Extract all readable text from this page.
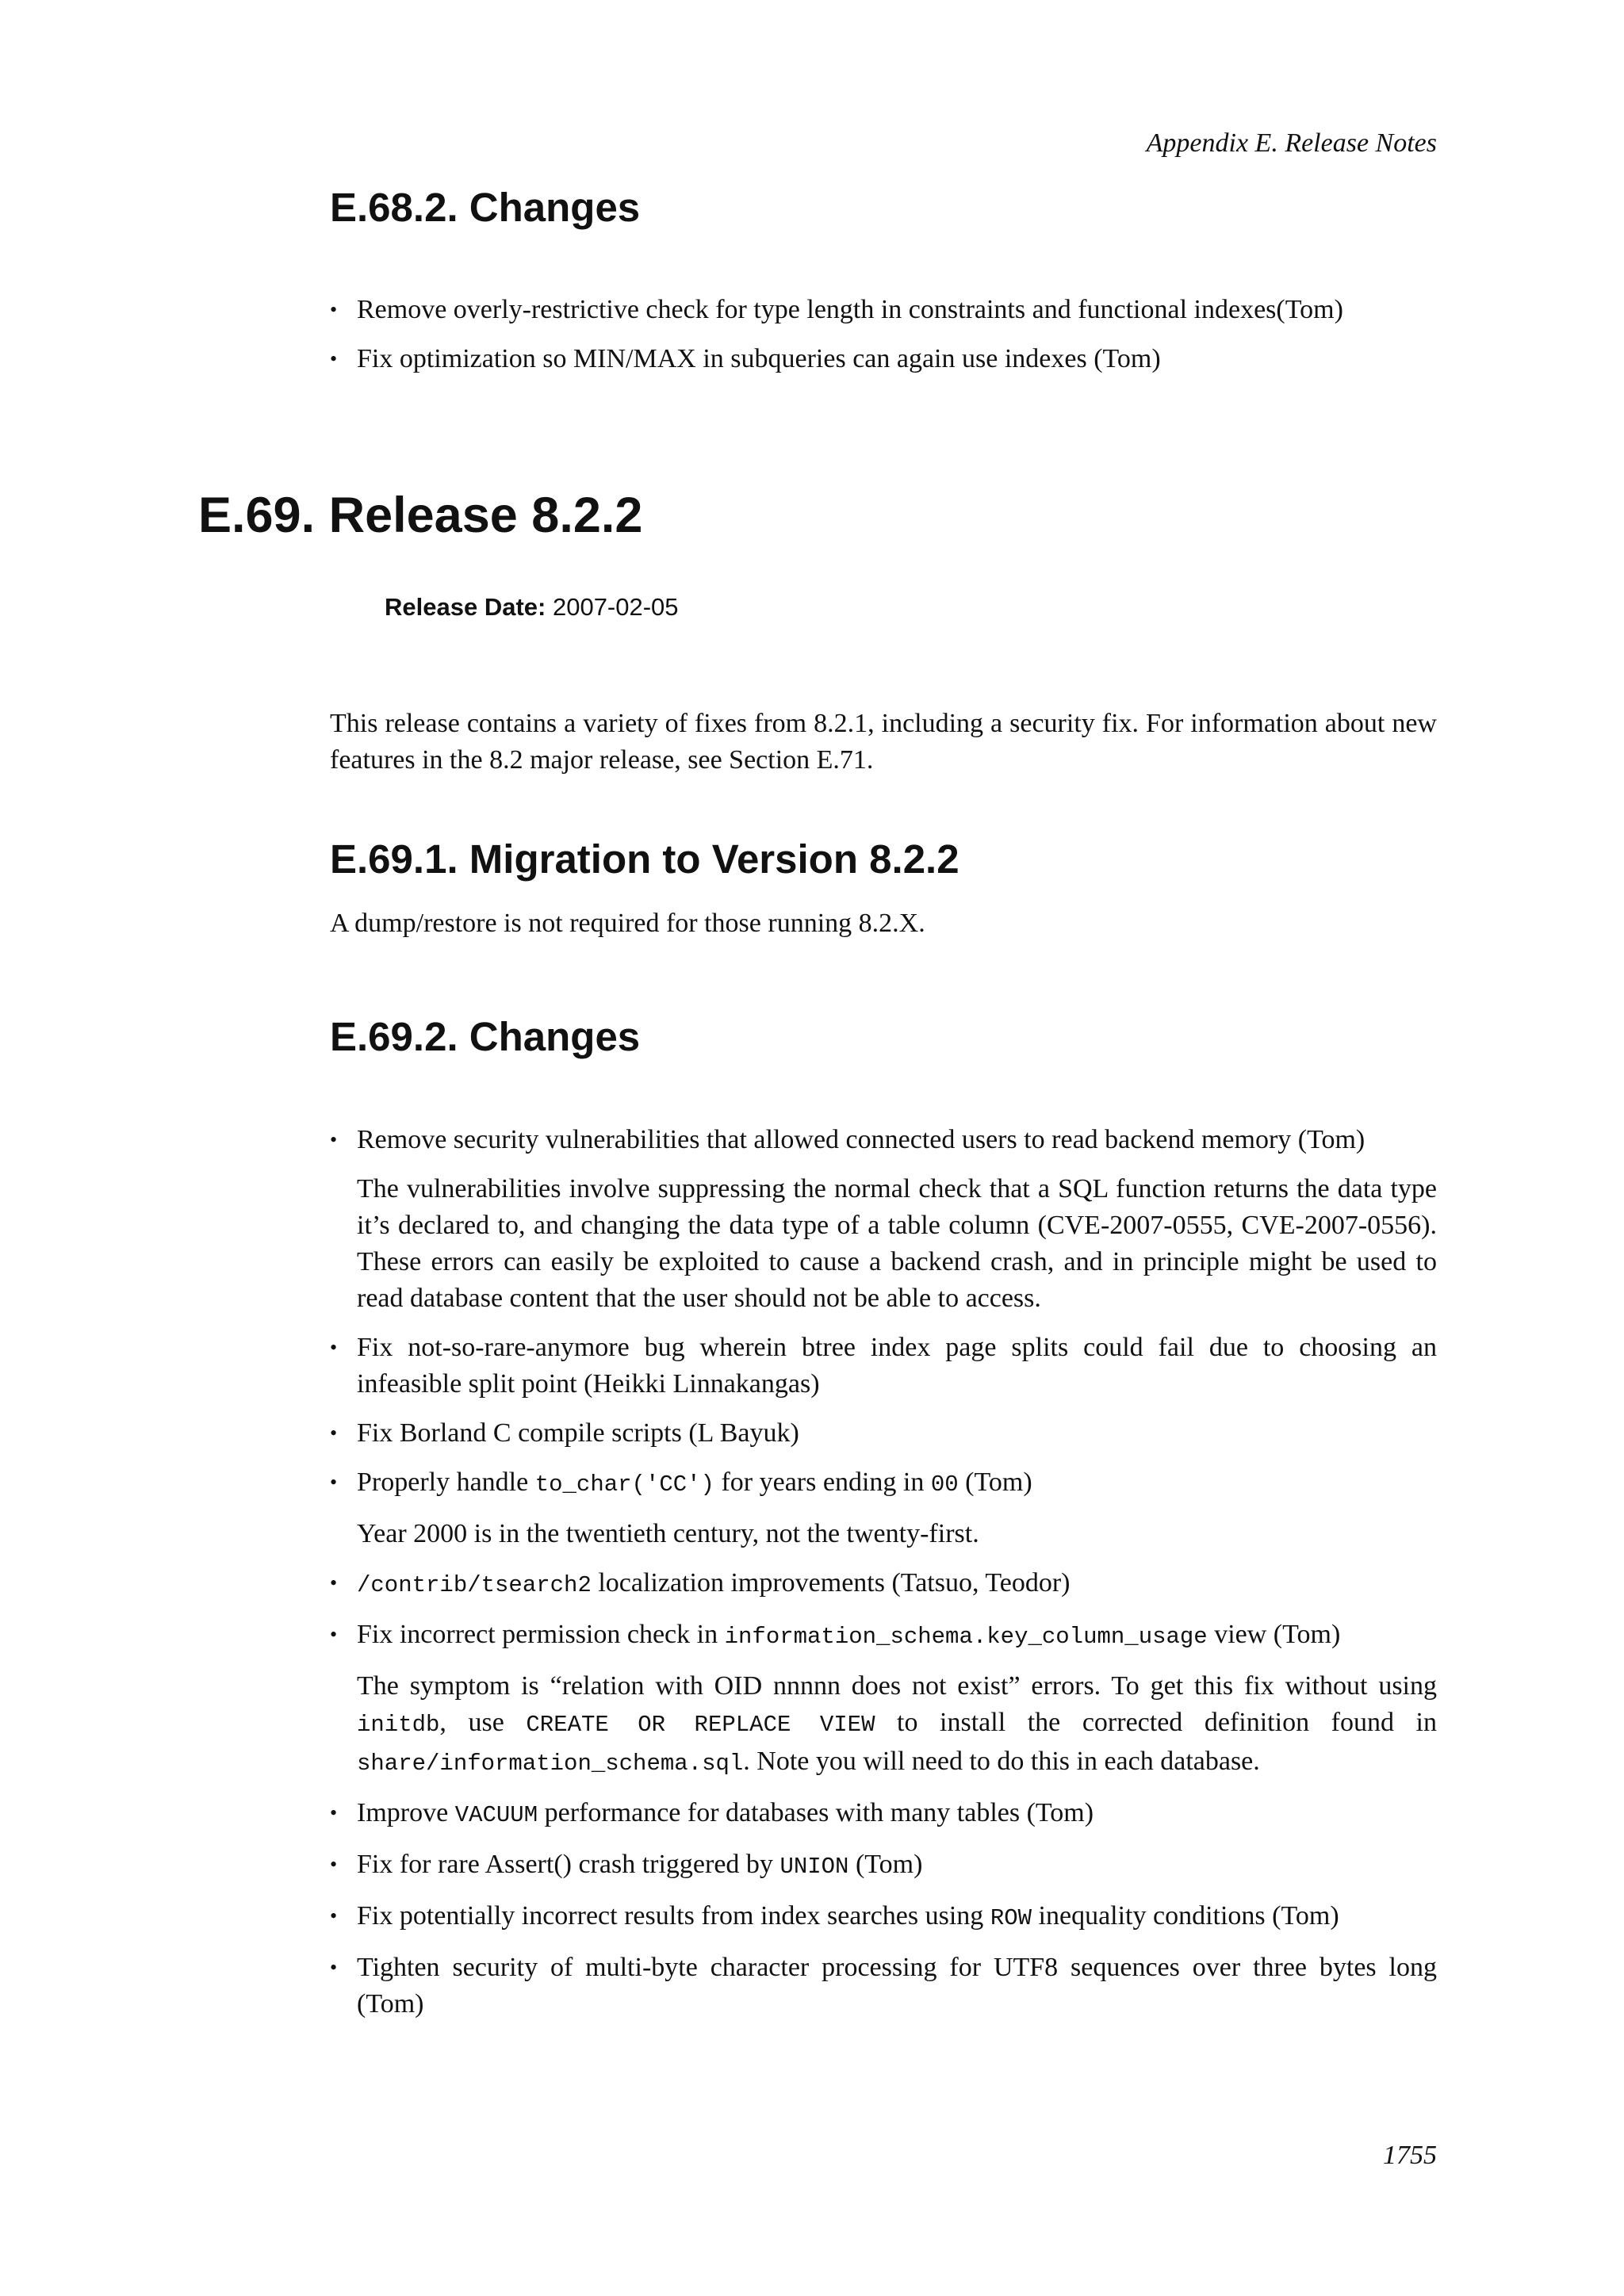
Appendix E. Release Notes
E.68.2. Changes
• Remove overly-restrictive check for type length in constraints and functional indexes(Tom)
• Fix optimization so MIN/MAX in subqueries can again use indexes (Tom)
E.69. Release 8.2.2
Release Date: 2007-02-05

This release contains a variety of fixes from 8.2.1, including a security fix. For information about new features in the 8.2 major release, see Section E.71.

E.69.1. Migration to Version 8.2.2

A dump/restore is not required for those running 8.2.X.

E.69.2. Changes
• Remove security vulnerabilities that allowed connected users to read backend memory (Tom)
The vulnerabilities involve suppressing the normal check that a SQL function returns the data type it’s declared to, and changing the data type of a table column (CVE-2007-0555, CVE-2007-0556). These errors can easily be exploited to cause a backend crash, and in principle might be used to read database content that the user should not be able to access.
• Fix not-so-rare-anymore bug wherein btree index page splits could fail due to choosing an infeasible split point (Heikki Linnakangas)
• Fix Borland C compile scripts (L Bayuk)
• Properly handle to_char('CC') for years ending in 00 (Tom)
Year 2000 is in the twentieth century, not the twenty-first.
• /contrib/tsearch2 localization improvements (Tatsuo, Teodor)
• Fix incorrect permission check in information_schema.key_column_usage view (Tom)
The symptom is “relation with OID nnnnn does not exist” errors. To get this fix without using initdb, use CREATE OR REPLACE VIEW to install the corrected definition found in share/information_schema.sql. Note you will need to do this in each database.
• Improve VACUUM performance for databases with many tables (Tom)
• Fix for rare Assert() crash triggered by UNION (Tom)
• Fix potentially incorrect results from index searches using ROW inequality conditions (Tom)
• Tighten security of multi-byte character processing for UTF8 sequences over three bytes long (Tom)
1755
